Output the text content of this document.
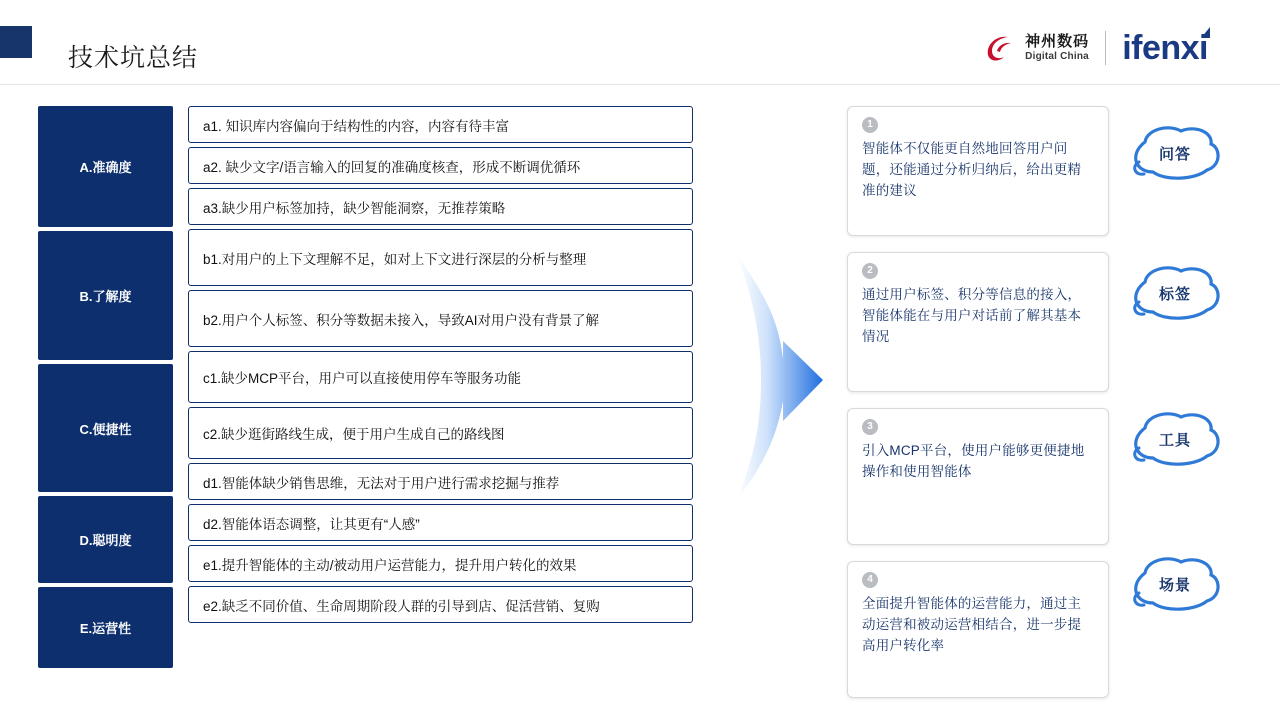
技术坑总结
神州数码
Digital China ifenxi
A.准确度
B.了解度
C.便捷性
D.聪明度
E.运营性
a1. 知识库内容偏向于结构性的内容，内容有待丰富
a2. 缺少文字/语言输入的回复的准确度核查，形成不断调优循环
a3.缺少用户标签加持，缺少智能洞察，无推荐策略
b1.对用户的上下文理解不足，如对上下文进行深层的分析与整理
b2.用户个人标签、积分等数据未接入，导致AI对用户没有背景了解
c1.缺少MCP平台，用户可以直接使用停车等服务功能
c2.缺少逛街路线生成，便于用户生成自己的路线图
d1.智能体缺少销售思维，无法对于用户进行需求挖掘与推荐
d2.智能体语态调整，让其更有“人感”
e1.提升智能体的主动/被动用户运营能力，提升用户转化的效果
e2.缺乏不同价值、生命周期阶段人群的引导到店、促活营销、复购
1
智能体不仅能更自然地回答用户问题，还能通过分析归纳后，给出更精准的建议
2
通过用户标签、积分等信息的接入，智能体能在与用户对话前了解其基本情况
3
引入MCP平台，使用户能够更便捷地操作和使用智能体
4
全面提升智能体的运营能力，通过主动运营和被动运营相结合，进一步提高用户转化率
问答
标签
工具
场景
